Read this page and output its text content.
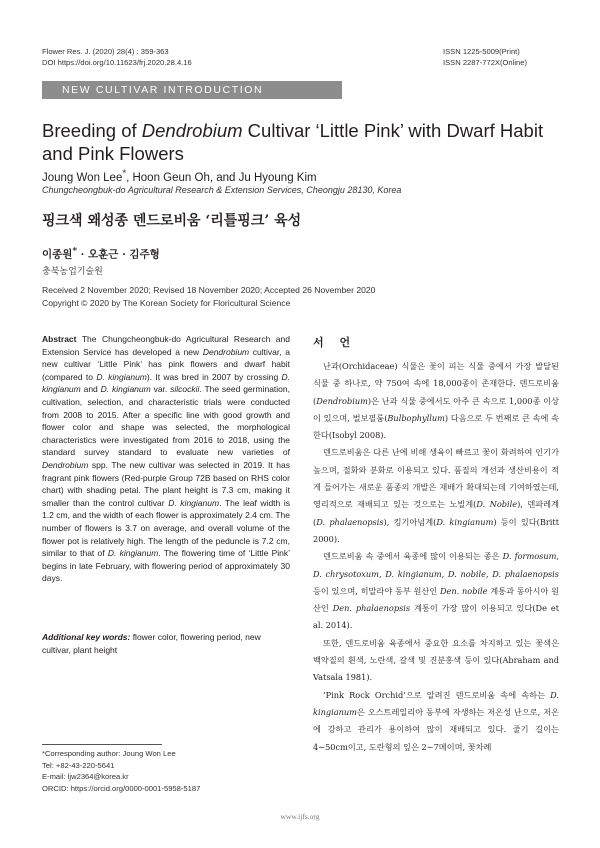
Flower Res. J. (2020) 28(4) : 359-363
DOI https://doi.org/10.11623/frj.2020.28.4.16
ISSN 1225-5009(Print)
ISSN 2287-772X(Online)
NEW CULTIVAR INTRODUCTION
Breeding of Dendrobium Cultivar ‘Little Pink’ with Dwarf Habit and Pink Flowers
Joung Won Lee*, Hoon Geun Oh, and Ju Hyoung Kim
Chungcheongbuk-do Agricultural Research & Extension Services, Cheongju 28130, Korea
핑크색 왜성종 덴드로비움 ‘리틀핑크’ 육성
이종원* · 오훈근 · 김주형
충북농업기술원
Received 2 November 2020; Revised 18 November 2020; Accepted 26 November 2020
Copyright © 2020 by The Korean Society for Floricultural Science
Abstract The Chungcheongbuk-do Agricultural Research and Extension Service has developed a new Dendrobium cultivar, a new cultivar ‘Little Pink’ has pink flowers and dwarf habit (compared to D. kingianum). It was bred in 2007 by crossing D. kingianum and D. kingianum var. silcockii. The seed germination, cultivation, selection, and characteristic trials were conducted from 2008 to 2015. After a specific line with good growth and flower color and shape was selected, the morphological characteristics were investigated from 2016 to 2018, using the standard survey standard to evaluate new varieties of Dendrobium spp. The new cultivar was selected in 2019. It has fragrant pink flowers (Red-purple Group 72B based on RHS color chart) with shading petal. The plant height is 7.3 cm, making it smaller than the control cultivar D. kingianum. The leaf width is 1.2 cm, and the width of each flower is approximately 2.4 cm. The number of flowers is 3.7 on average, and overall volume of the flower pot is relatively high. The length of the peduncle is 7.2 cm, similar to that of D. kingianum. The flowering time of ‘Little Pink’ begins in late February, with flowering period of approximately 30 days.
Additional key words: flower color, flowering period, new cultivar, plant height
*Corresponding author: Joung Won Lee
Tel: +82-43-220-5641
E-mail: ljw2364@korea.kr
ORCID: https://orcid.org/0000-0001-5958-5187
서 언

난과(Orchidaceae) 식물은 꽃이 피는 식물 중에서 가장 발달된 식물 중 하나로, 약 750여 속에 18,000종이 존재한다. 덴드로비움(Dendrobium)은 난과 식물 중에서도 아주 큰 속으로 1,000종 이상이 있으며, 벌보필룸(Bulbophyllum) 다음으로 두 번째로 큰 속에 속한다(Isobyl 2008).

덴드로비움은 다른 난에 비해 생육이 빠르고 꽃이 화려하여 인기가 높으며, 절화와 분화로 이용되고 있다. 품질의 개선과 생산비용이 적게 들어가는 새로운 품종의 개발은 재배가 확대되는데 기여하였는데, 영리적으로 재배되고 있는 것으로는 노빌계(D. Nobile), 덴파레계(D. phalaenopsis), 킹기아넘계(D. kingianum) 등이 있다(Britt 2000).

덴드로비움 속 중에서 육종에 많이 이용되는 종은 D. formosum, D. chrysotoxum, D. kingianum, D. nobile, D. phalaenopsis 등이 있으며, 히말라야 동부 원산인 Den. nobile 계통과 동아시아 원산인 Den. phalaenopsis 계통이 가장 많이 이용되고 있다(De et al. 2014).

또한, 덴드로비움 육종에서 중요한 요소를 차지하고 있는 꽃색은 백약질의 흰색, 노란색, 갈색 및 진분홍색 등이 있다(Abraham and Vatsala 1981).

‘Pink Rock Orchid’으로 알려진 덴드로비움 속에 속하는 D. kingianum은 오스트레일리아 동부에 자생하는 저온성 난으로, 저온에 강하고 관리가 용이하여 많이 재배되고 있다. 줄기 길이는 4∼50cm이고, 도란형의 잎은 2∼7메이며, 꽃차례

www.ijfs.org
